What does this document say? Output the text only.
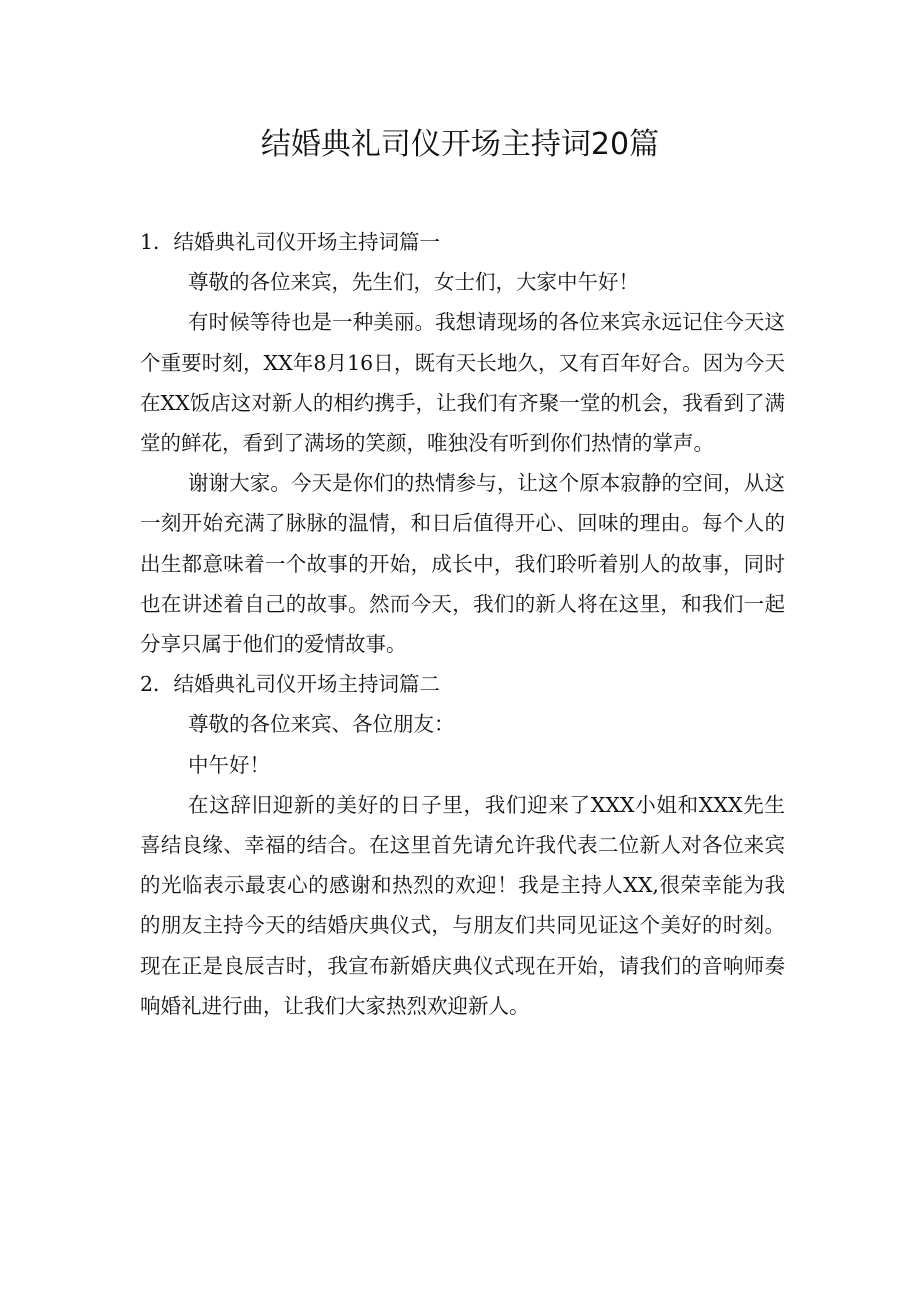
结婚典礼司仪开场主持词20篇

1．结婚典礼司仪开场主持词篇一

尊敬的各位来宾，先生们，女士们，大家中午好！

有时候等待也是一种美丽。我想请现场的各位来宾永远记住今天这个重要时刻，XX年8月16日，既有天长地久，又有百年好合。因为今天在XX饭店这对新人的相约携手，让我们有齐聚一堂的机会，我看到了满堂的鲜花，看到了满场的笑颜，唯独没有听到你们热情的掌声。

谢谢大家。今天是你们的热情参与，让这个原本寂静的空间，从这一刻开始充满了脉脉的温情，和日后值得开心、回味的理由。每个人的出生都意味着一个故事的开始，成长中，我们聆听着别人的故事，同时也在讲述着自己的故事。然而今天，我们的新人将在这里，和我们一起分享只属于他们的爱情故事。

2．结婚典礼司仪开场主持词篇二

尊敬的各位来宾、各位朋友：

中午好！

在这辞旧迎新的美好的日子里，我们迎来了XXX小姐和XXX先生喜结良缘、幸福的结合。在这里首先请允许我代表二位新人对各位来宾的光临表示最衷心的感谢和热烈的欢迎！我是主持人XX,很荣幸能为我的朋友主持今天的结婚庆典仪式，与朋友们共同见证这个美好的时刻。现在正是良辰吉时，我宣布新婚庆典仪式现在开始，请我们的音响师奏响婚礼进行曲，让我们大家热烈欢迎新人。
